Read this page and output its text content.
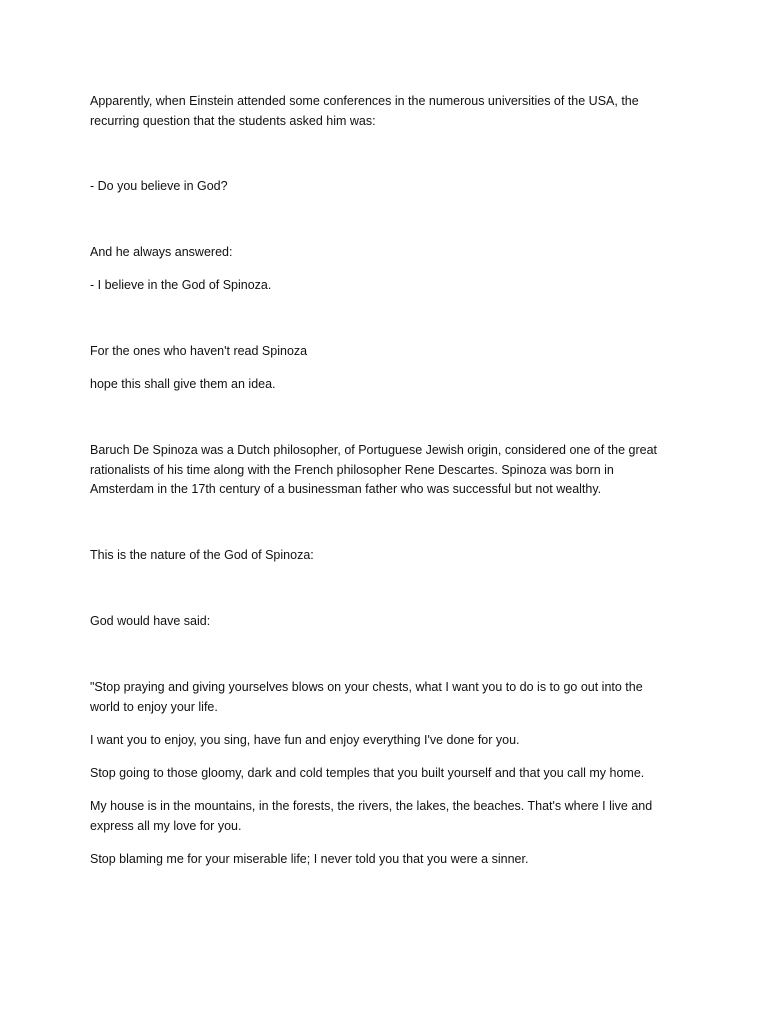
Apparently, when Einstein attended some conferences in the numerous universities of the USA, the
recurring question that the students asked him was:

- Do you believe in God?

And he always answered:

- I believe in the God of Spinoza.

For the ones who haven't read Spinoza

hope this shall give them an idea.

Baruch De Spinoza was a Dutch philosopher, of Portuguese Jewish origin, considered one of the great
rationalists of his time along with the French philosopher Rene Descartes. Spinoza was born in
Amsterdam in the 17th century of a businessman father who was successful but not wealthy.

This is the nature of the God of Spinoza:

God would have said:

"Stop praying and giving yourselves blows on your chests, what I want you to do is to go out into the
world to enjoy your life.

I want you to enjoy, you sing, have fun and enjoy everything I've done for you.

Stop going to those gloomy, dark and cold temples that you built yourself and that you call my home.

My house is in the mountains, in the forests, the rivers, the lakes, the beaches. That's where I live and
express all my love for you.

Stop blaming me for your miserable life; I never told you that you were a sinner.
